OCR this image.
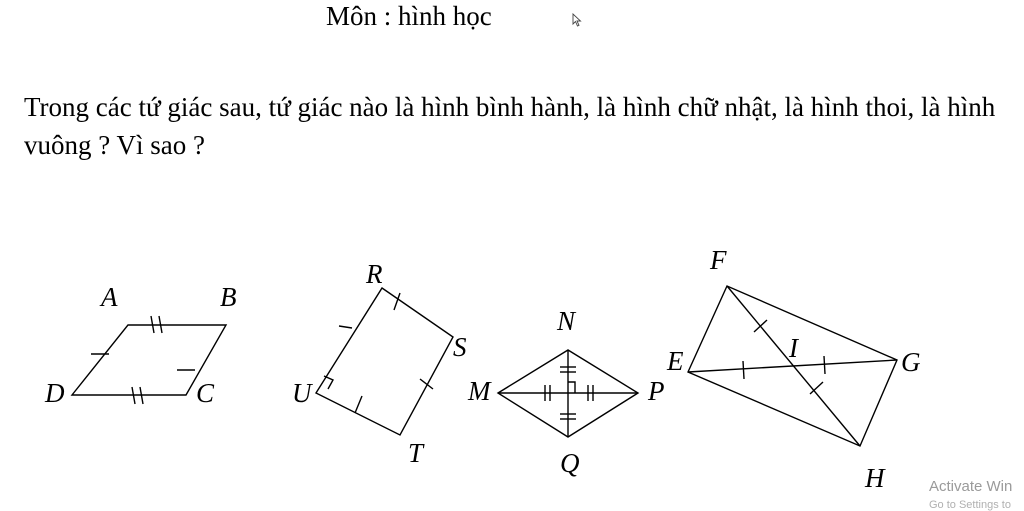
Môn : hình học
Trong các tứ giác sau, tứ giác nào là hình bình hành, là hình chữ nhật, là hình thoi, là hình vuông ? Vì sao ?
A	B
C
D
R
S
T
U
N
M	P
Q
F
E	I	G
H	Activate Win
Go to Settings to
